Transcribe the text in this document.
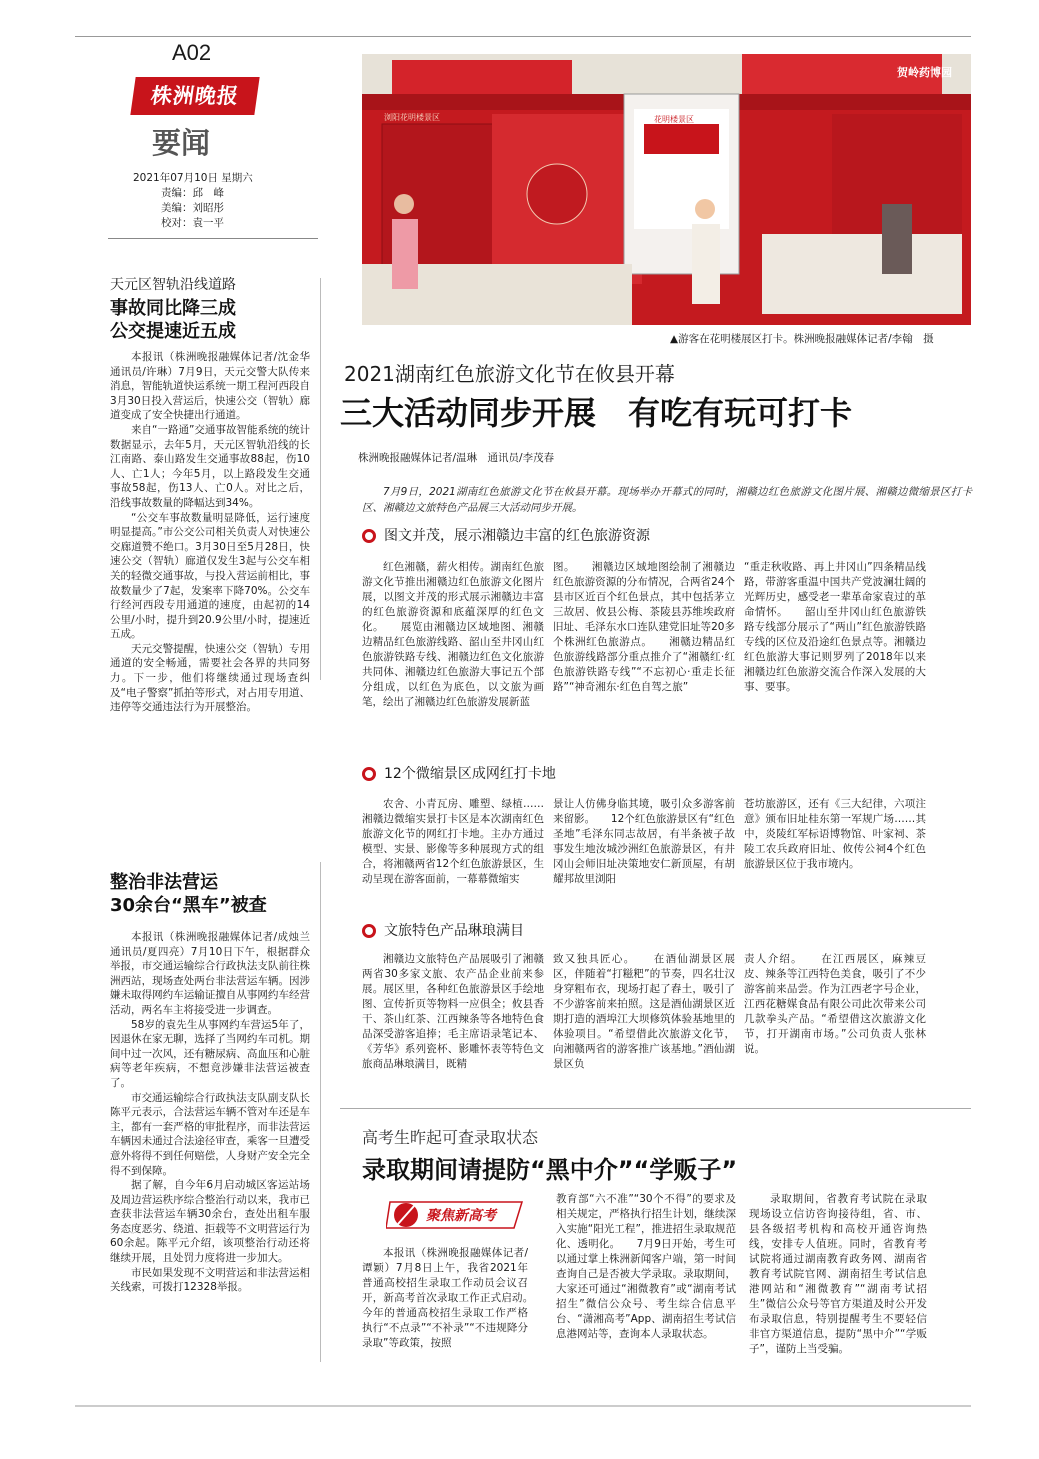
A02
株洲晚报
要闻
2021年07月10日 星期六
责编：邱　峰
美编：刘昭彤
校对：袁一平
天元区智轨沿线道路
事故同比降三成
公交提速近五成

本报讯（株洲晚报融媒体记者/沈金华 通讯员/许琳）7月9日，天元交警大队传来消息，智能轨道快运系统一期工程河西段自3月30日投入营运后，快速公交（智轨）廊道变成了安全快捷出行通道。

来自“一路通”交通事故智能系统的统计数据显示，去年5月，天元区智轨沿线的长江南路、泰山路发生交通事故88起，伤10人、亡1人；今年5月，以上路段发生交通事故58起，伤13人、亡0人。对比之后，沿线事故数量的降幅达到34%。

“公交车事故数量明显降低，运行速度明显提高。”市公交公司相关负责人对快速公交廊道赞不绝口。3月30日至5月28日，快速公交（智轨）廊道仅发生3起与公交车相关的轻微交通事故，与投入营运前相比，事故数量少了7起，发案率下降70%。公交车行经河西段专用通道的速度，由起初的14公里/小时，提升到20.9公里/小时，提速近五成。

天元交警提醒，快速公交（智轨）专用通道的安全畅通，需要社会各界的共同努力。下一步，他们将继续通过现场查纠及“电子警察”抓拍等形式，对占用专用道、违停等交通违法行为开展整治。

整治非法营运
30余台“黑车”被查

本报讯（株洲晚报融媒体记者/成烛兰 通讯员/夏四亮）7月10日下午，根据群众举报，市交通运输综合行政执法支队前往株洲西站，现场查处两台非法营运车辆。因涉嫌未取得网约车运输证擅自从事网约车经营活动，两名车主将接受进一步调查。

58岁的袁先生从事网约车营运5年了，因退休在家无聊，选择了当网约车司机。期间中过一次风，还有糖尿病、高血压和心脏病等老年疾病，不想竟涉嫌非法营运被查了。

市交通运输综合行政执法支队副支队长陈平元表示，合法营运车辆不管对车还是车主，都有一套严格的审批程序，而非法营运车辆因未通过合法途径审查，乘客一旦遭受意外将得不到任何赔偿，人身财产安全完全得不到保障。

据了解，自今年6月启动城区客运站场及周边营运秩序综合整治行动以来，我市已查获非法营运车辆30余台，查处出租车服务态度恶劣、绕道、拒载等不文明营运行为60余起。陈平元介绍，该项整治行动还将继续开展，且处罚力度将进一步加大。

市民如果发现不文明营运和非法营运相关线索，可拨打12328举报。

浏阳花明楼景区
贺岭药博园
花明楼景区
▲游客在花明楼展区打卡。株洲晚报融媒体记者/李翰　摄
2021湖南红色旅游文化节在攸县开幕
三大活动同步开展　有吃有玩可打卡
株洲晚报融媒体记者/温琳　通讯员/李茂春

7月9日，2021湖南红色旅游文化节在攸县开幕。现场举办开幕式的同时，湘赣边红色旅游文化图片展、湘赣边微缩景区打卡区、湘赣边文旅特色产品展三大活动同步开展。

图文并茂，展示湘赣边丰富的红色旅游资源

红色湘赣，薪火相传。湖南红色旅游文化节推出湘赣边红色旅游文化图片展，以图文并茂的形式展示湘赣边丰富的红色旅游资源和底蕴深厚的红色文化。　　展览由湘赣边区域地图、湘赣边精品红色旅游线路、韶山至井冈山红色旅游铁路专线、湘赣边红色文化旅游共同体、湘赣边红色旅游大事记五个部分组成，以红色为底色，以文旅为画笔，绘出了湘赣边红色旅游发展新蓝

图。　　湘赣边区域地图绘制了湘赣边红色旅游资源的分布情况，合两省24个县市区近百个红色景点，其中包括茅立三故居、攸县公梅、茶陵县苏维埃政府旧址、毛泽东水口连队建党旧址等20多个株洲红色旅游点。　　湘赣边精品红色旅游线路部分重点推介了“湘赣红·红色旅游铁路专线”“不忘初心·重走长征路”“神奇湘东·红色自驾之旅”

“重走秋收路、再上井冈山”四条精品线路，带游客重温中国共产党波澜壮阔的光辉历史，感受老一辈革命家袁过的革命情怀。　　韶山至井冈山红色旅游铁路专线部分展示了“两山”红色旅游铁路专线的区位及沿途红色景点等。湘赣边红色旅游大事记则罗列了2018年以来湘赣边红色旅游交流合作深入发展的大事、要事。

12个微缩景区成网红打卡地

农舍、小青瓦房、雕塑、绿植……湘赣边微缩实景打卡区是本次湖南红色旅游文化节的网红打卡地。主办方通过模型、实景、影像等多种展现方式的组合，将湘赣两省12个红色旅游景区，生动呈现在游客面前，一幕幕微缩实

景让人仿佛身临其境，吸引众多游客前来留影。　　12个红色旅游景区有“红色圣地”毛泽东同志故居，有半条被子故事发生地汝城沙洲红色旅游景区，有井冈山会师旧址决策地安仁新顶屋，有胡耀邦故里浏阳

苍坊旅游区，还有《三大纪律，六项注意》颁布旧址桂东第一军规广场……其中，炎陵红军标语博物馆、叶家祠、茶陵工农兵政府旧址、攸传公祠4个红色旅游景区位于我市境内。

文旅特色产品琳琅满目

湘赣边文旅特色产品展吸引了湘赣两省30多家文旅、农产品企业前来参展。展区里，各种红色旅游景区手绘地图、宣传折页等物料一应俱全；攸县香干、茶山红茶、江西辣条等各地特色食品深受游客追捧；毛主席语录笔记本、《芳华》系列瓷杯、影雕怀表等特色文旅商品琳琅满目，既精

致又独具匠心。　　在酒仙湖景区展区，伴随着“打糍粑”的节奏，四名壮汉身穿粗布衣，现场打起了舂土，吸引了不少游客前来拍照。这是酒仙湖景区近期打造的酒埠江大坝修筑体验基地里的体验项目。“希望借此次旅游文化节，向湘赣两省的游客推广该基地。”酒仙湖景区负

责人介绍。　　在江西展区，麻辣豆皮、辣条等江西特色美食，吸引了不少游客前来品尝。作为江西老字号企业，江西花糖媒食品有限公司此次带来公司几款拳头产品。“希望借这次旅游文化节，打开湖南市场。”公司负责人张林说。

高考生昨起可查录取状态
录取期间请提防“黑中介”“学贩子”
聚焦新高考

本报讯（株洲晚报融媒体记者/谭颖）7月8日上午，我省2021年普通高校招生录取工作动员会议召开，新高考首次录取工作正式启动。　　今年的普通高校招生录取工作严格执行“不点录”“不补录”“不违规降分录取”等政策，按照

教育部“六不准”“30个不得”的要求及相关规定，严格执行招生计划，继续深入实施“阳光工程”，推进招生录取规范化、透明化。　　7月9日开始，考生可以通过掌上株洲新闻客户端，第一时间查询自己是否被大学录取。录取期间，大家还可通过“湘微教育”或“湖南考试招生”微信公众号、考生综合信息平台、“潇湘高考”App、湖南招生考试信息港网站等，查询本人录取状态。

录取期间，省教育考试院在录取现场设立信访咨询接待组，省、市、县各级招考机构和高校开通咨询热线，安排专人值班。同时，省教育考试院将通过湖南教育政务网、湖南省教育考试院官网、湖南招生考试信息港网站和“湘微教育”“湖南考试招生”微信公众号等官方渠道及时公开发布录取信息，特别提醒考生不要轻信非官方渠道信息，提防“黑中介”“学贩子”，谨防上当受骗。
